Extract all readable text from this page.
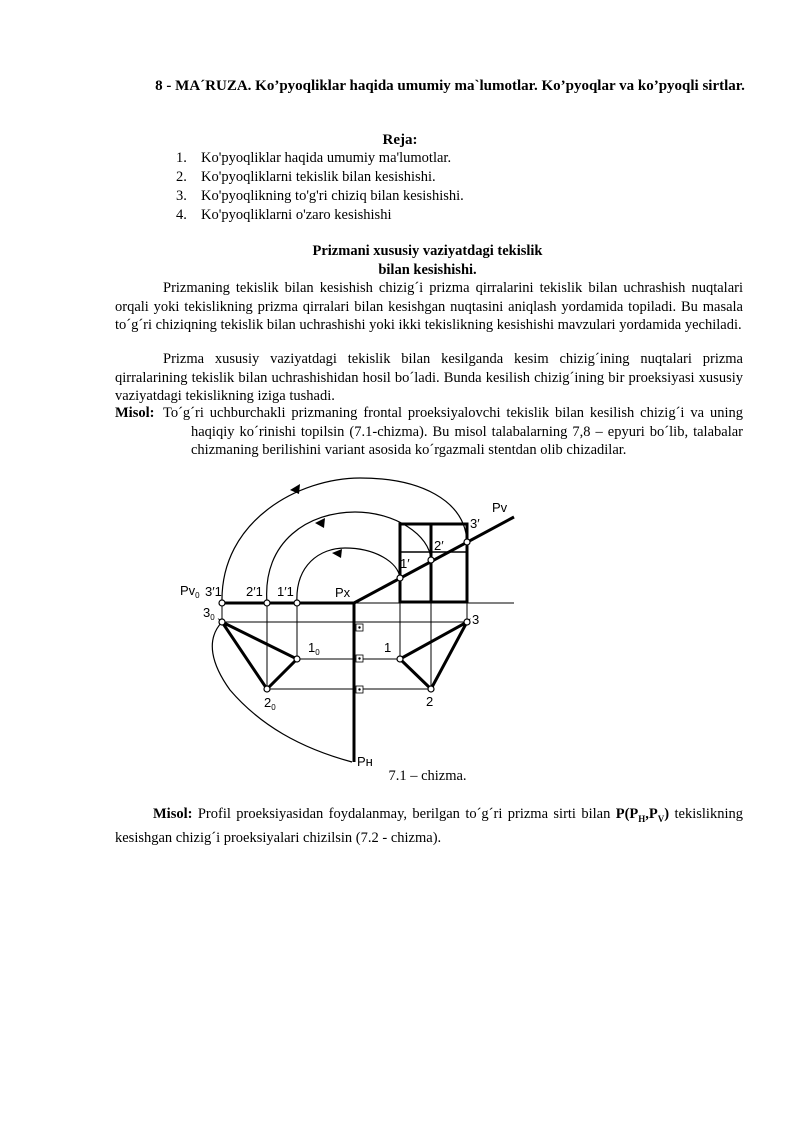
8 - MA´RUZA. Ko’pyoqliklar haqida umumiy ma`lumotlar. Ko’pyoqlar va ko’pyoqli sirtlar.
Reja:
1. Ko'pyoqliklar haqida umumiy ma'lumotlar.
2. Ko'pyoqliklarni tekislik bilan kesishishi.
3. Ko'pyoqlikning to'g'ri chiziq bilan kesishishi.
4. Ko'pyoqliklarni o'zaro kesishishi
Prizmani xususiy vaziyatdagi tekislik
bilan kesishishi.
Prizmaning tekislik bilan kesishish chizig´i prizma qirralarini tekislik bilan uchrashish nuqtalari orqali yoki tekislikning prizma qirralari bilan kesishgan nuqtasini aniqlash yordamida topiladi. Bu masala to´g´ri chiziqning tekislik bilan uchrashishi yoki ikki tekislikning kesishishi mavzulari yordamida yechiladi.
Prizma xususiy vaziyatdagi tekislik bilan kesilganda kesim chizig´ining nuqtalari prizma qirralarining tekislik bilan uchrashishidan hosil bo´ladi. Bunda kesilish chizig´ining bir proeksiyasi xususiy vaziyatdagi tekislikning iziga tushadi.
Misol: To´g´ri uchburchakli prizmaning frontal proeksiyalovchi tekislik bilan kesilish chizig´i va uning haqiqiy ko´rinishi topilsin (7.1-chizma). Bu misol talabalarning 7,8 – epyuri bo´lib, talabalar chizmaning berilishini variant asosida ko´rgazmali stentdan olib chizadilar.
Pv
Px
Pн
$Pv_0$
3′
2′
1′
3′1 2′1 1′1
$3_0$
$1_0$
$2_0$
1
2
3
7.1 – chizma.
Misol: Profil proeksiyasidan foydalanmay, berilgan to´g´ri prizma sirti bilan $P(P_H,P_V)$ tekislikning kesishgan chizig´i proeksiyalari chizilsin (7.2 - chizma).
